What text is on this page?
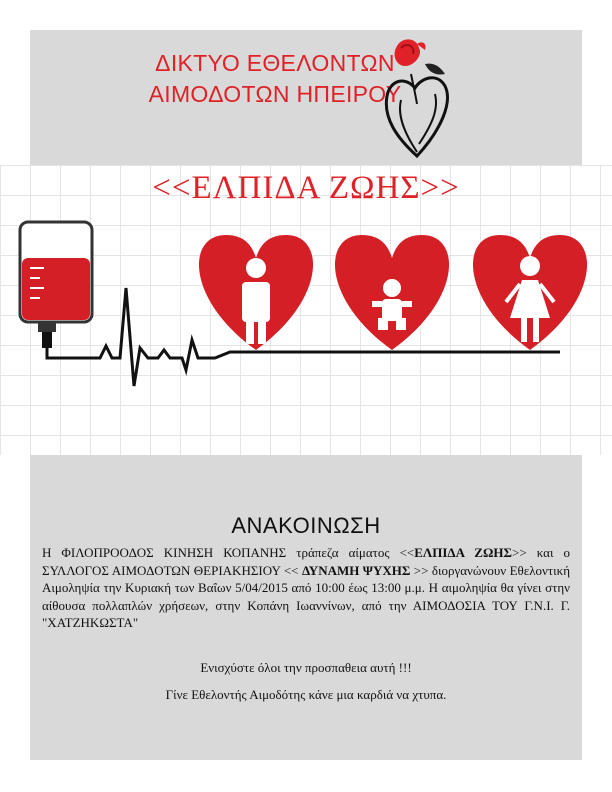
ΔΙΚΤΥΟ ΕΘΕΛΟΝΤΩΝ
ΑΙΜΟΔΟΤΩΝ ΗΠΕΙΡΟΥ
<<ΕΛΠΙΔΑ ΖΩΗΣ>>
ΑΝΑΚΟΙΝΩΣΗ
Η ΦΙΛΟΠΡΟΟΔΟΣ ΚΙΝΗΣΗ ΚΟΠΑΝΗΣ τράπεζα αίματος <<ΕΛΠΙΔΑ ΖΩΗΣ>> και ο ΣΥΛΛΟΓΟΣ ΑΙΜΟΔΟΤΩΝ ΘΕΡΙΑΚΗΣΙΟΥ << ΔΥΝΑΜΗ ΨΥΧΗΣ >> διοργανώνουν Εθελοντική Αιμοληψία την Κυριακή των Βαΐων 5/04/2015 από 10:00 έως 13:00 μ.μ. Η αιμοληψία θα γίνει στην αίθουσα πολλαπλών χρήσεων, στην Κοπάνη Ιωαννίνων, από την ΑΙΜΟΔΟΣΙΑ ΤΟΥ Γ.Ν.Ι. Γ. "ΧΑΤΖΗΚΩΣΤΑ"
Ενισχύστε όλοι την προσπαθεια αυτή !!!
Γίνε Εθελοντής Αιμοδότης κάνε μια καρδιά να χτυπα.
